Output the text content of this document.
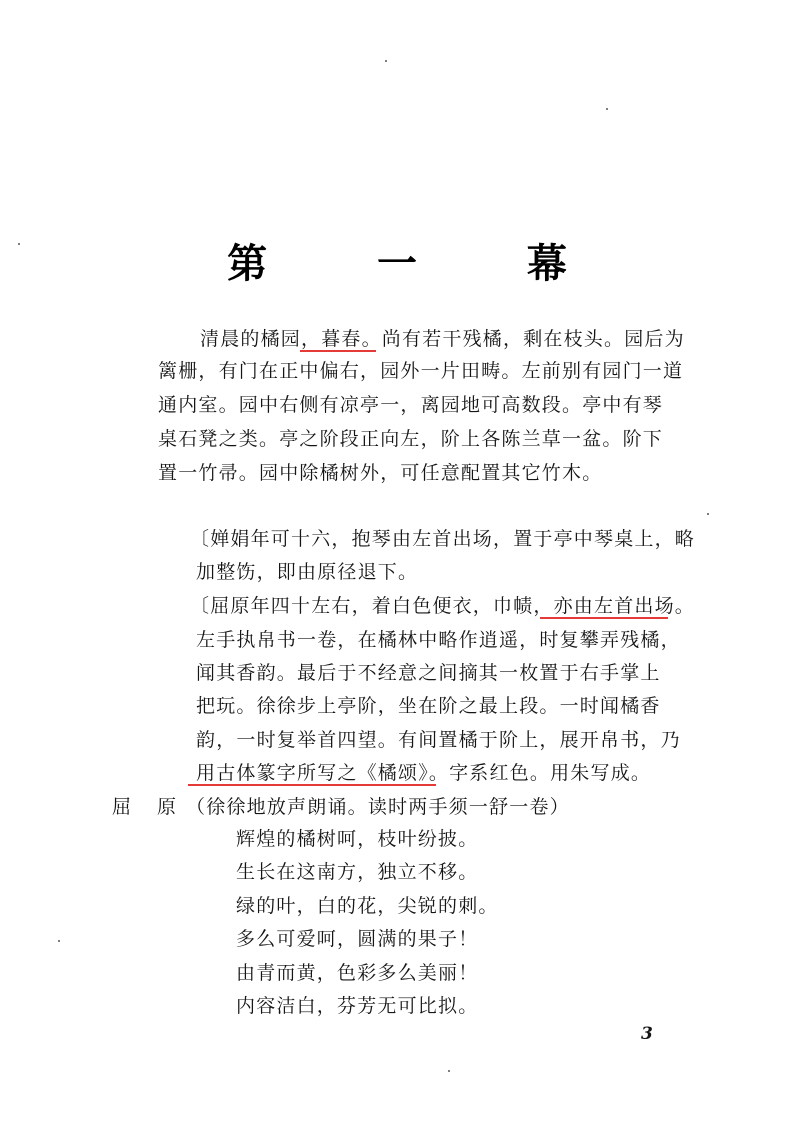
第 一 幕
清晨的橘园，暮春。尚有若干残橘，剩在枝头。园后为
篱栅，有门在正中偏右，园外一片田畴。左前别有园门一道
通内室。园中右侧有凉亭一，离园地可高数段。亭中有琴
桌石凳之类。亭之阶段正向左，阶上各陈兰草一盆。阶下
置一竹帚。园中除橘树外，可任意配置其它竹木。
〔婵娟年可十六，抱琴由左首出场，置于亭中琴桌上，略
加整饬，即由原径退下。
〔屈原年四十左右，着白色便衣，巾帻，亦由左首出场。
左手执帛书一卷，在橘林中略作逍遥，时复攀弄残橘，
闻其香韵。最后于不经意之间摘其一枚置于右手掌上
把玩。徐徐步上亭阶，坐在阶之最上段。一时闻橘香
韵，一时复举首四望。有间置橘于阶上，展开帛书，乃
用古体篆字所写之《橘颂》。字系红色。用朱写成。
屈 原（徐徐地放声朗诵。读时两手须一舒一卷）
辉煌的橘树呵，枝叶纷披。
生长在这南方，独立不移。
绿的叶，白的花，尖锐的刺。
多么可爱呵，圆满的果子！
由青而黄，色彩多么美丽！
内容洁白，芬芳无可比拟。
3
